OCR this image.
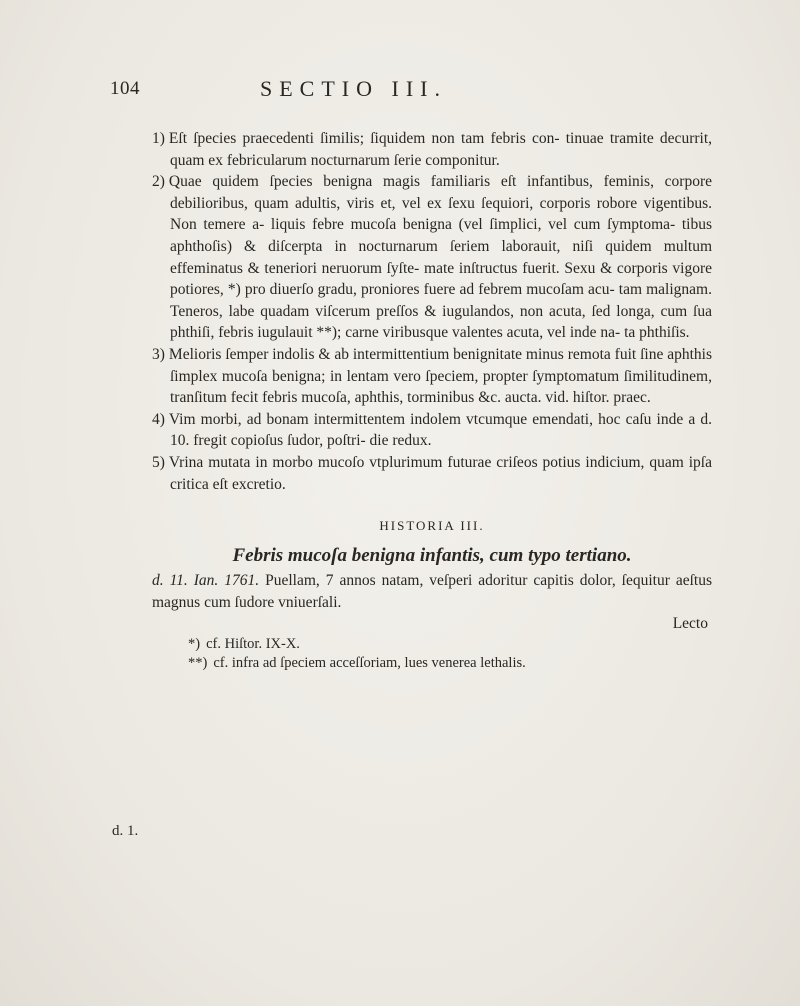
104	SECTIO III.

1) Eſt ſpecies praecedenti ſimilis; ſiquidem non tam febris con- tinuae tramite decurrit, quam ex febricularum nocturnarum ſerie componitur.

2) Quae quidem ſpecies benigna magis familiaris eſt infantibus, feminis, corpore debilioribus, quam adultis, viris et, vel ex ſexu ſequiori, corporis robore vigentibus. Non temere a- liquis febre mucoſa benigna (vel ſimplici, vel cum ſymptoma- tibus aphthoſis) & diſcerpta in nocturnarum ſeriem laborauit, niſi quidem multum effeminatus & teneriori neruorum ſyſte- mate inſtructus fuerit. Sexu & corporis vigore potiores, *) pro diuerſo gradu, proniores fuere ad febrem mucoſam acu- tam malignam. Teneros, labe quadam viſcerum preſſos & iugulandos, non acuta, ſed longa, cum ſua phthiſi, febris iugulauit **); carne viribusque valentes acuta, vel inde na- ta phthiſis.

3) Melioris ſemper indolis & ab intermittentium benignitate minus remota fuit ſine aphthis ſimplex mucoſa benigna; in lentam vero ſpeciem, propter ſymptomatum ſimilitudinem, tranſitum fecit febris mucoſa, aphthis, torminibus &c. aucta. vid. hiſtor. praec.

4) Vim morbi, ad bonam intermittentem indolem vtcumque emendati, hoc caſu inde a d. 10. fregit copioſus ſudor, poſtri- die redux.

5) Vrina mutata in morbo mucoſo vtplurimum futurae criſeos potius indicium, quam ipſa critica eſt excretio.

HISTORIA III.
Febris mucoſa benigna infantis, cum typo tertiano.

d. 11. Ian. 1761. Puellam, 7 annos natam, veſperi adoritur capitis dolor, ſequitur aeſtus magnus cum ſudore vniuerſali.

Lecto

*) cf. Hiſtor. IX-X.

**) cf. infra ad ſpeciem acceſſoriam, lues venerea lethalis.

d. 1.
